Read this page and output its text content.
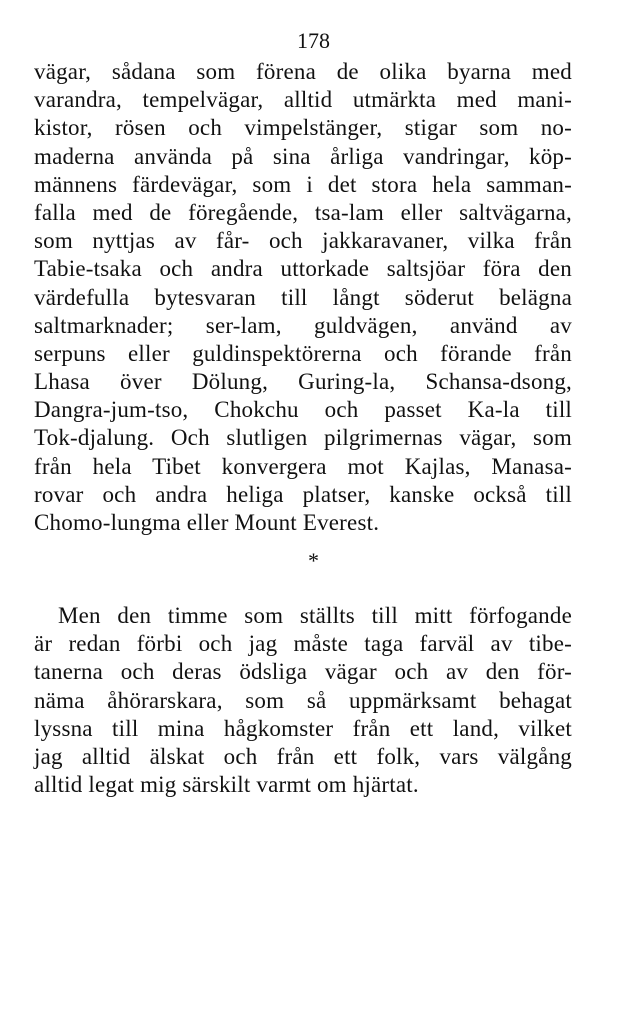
178
vägar, sådana som förena de olika byarna med
varandra, tempelvägar, alltid utmärkta med mani-
kistor, rösen och vimpelstänger, stigar som no-
maderna använda på sina årliga vandringar, köp-
männens färdevägar, som i det stora hela samman-
falla med de föregående, tsa-lam eller saltvägarna,
som nyttjas av får- och jakkaravaner, vilka från
Tabie-tsaka och andra uttorkade saltsjöar föra den
värdefulla bytesvaran till långt söderut belägna
saltmarknader; ser-lam, guldvägen, använd av
serpuns eller guldinspektörerna och förande från
Lhasa över Dölung, Guring-la, Schansa-dsong,
Dangra-jum-tso, Chokchu och passet Ka-la till
Tok-djalung. Och slutligen pilgrimernas vägar, som
från hela Tibet konvergera mot Kajlas, Manasa-
rovar och andra heliga platser, kanske också till
Chomo-lungma eller Mount Everest.
*
Men den timme som ställts till mitt förfogande
är redan förbi och jag måste taga farväl av tibe-
tanerna och deras ödsliga vägar och av den för-
näma åhörarskara, som så uppmärksamt behagat
lyssna till mina hågkomster från ett land, vilket
jag alltid älskat och från ett folk, vars välgång
alltid legat mig särskilt varmt om hjärtat.
